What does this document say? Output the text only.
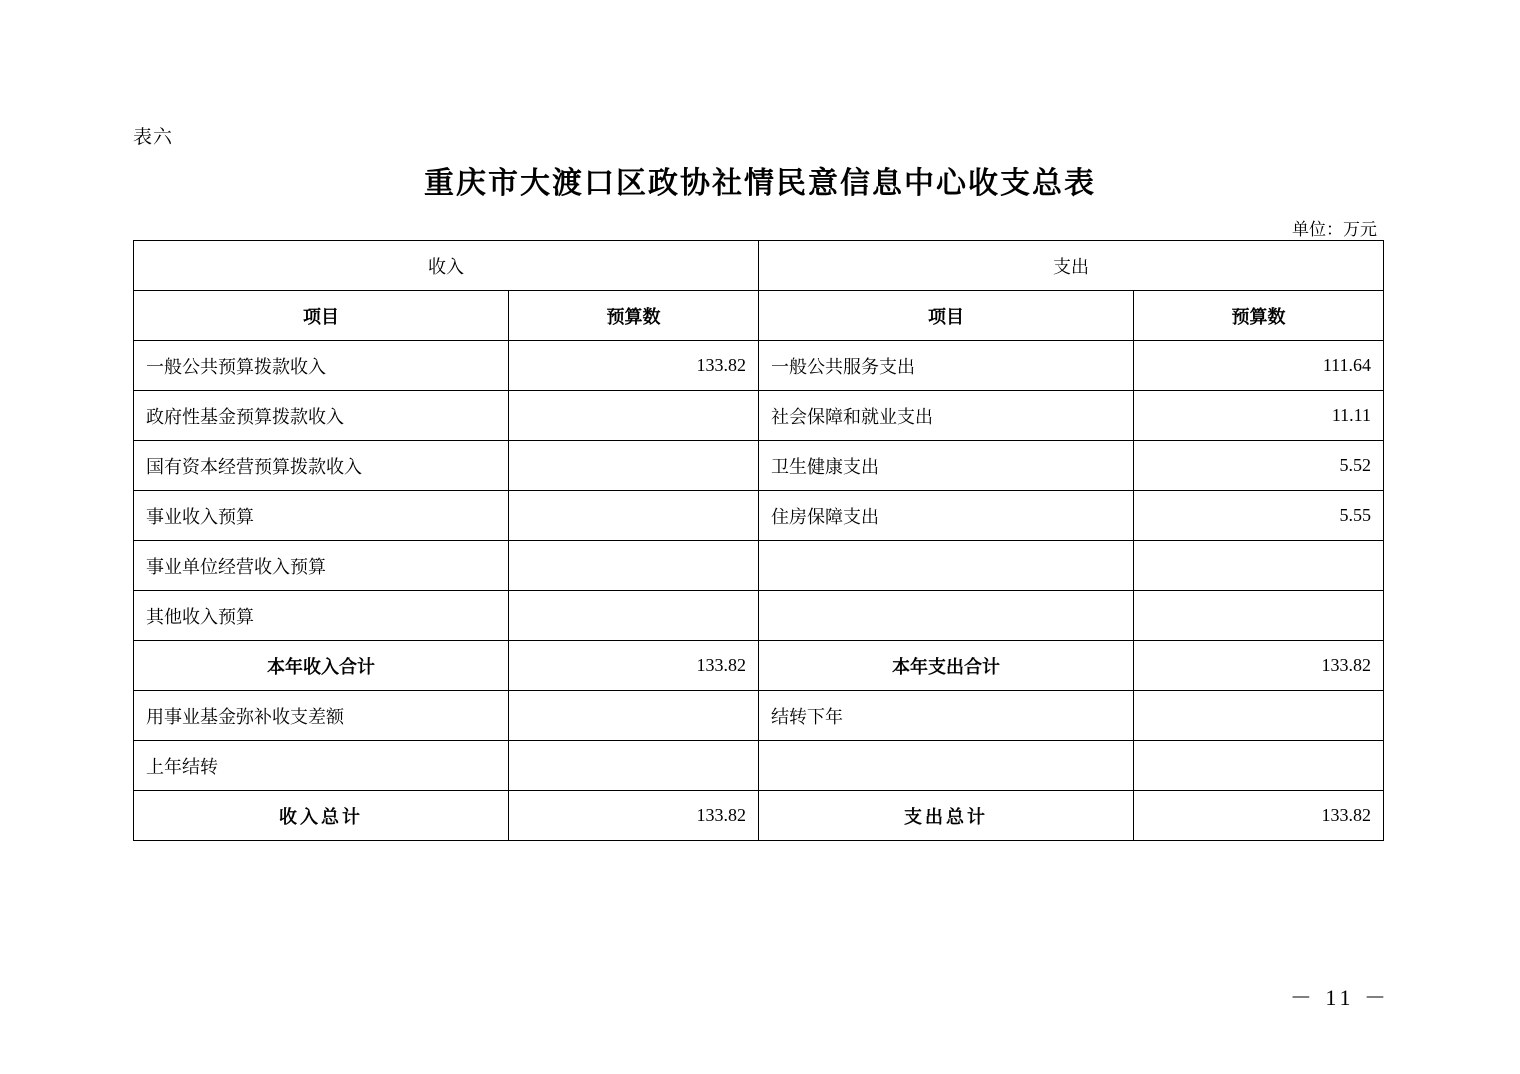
表六
重庆市大渡口区政协社情民意信息中心收支总表
单位：万元
收入		支出	
项目	预算数	项目	预算数
一般公共预算拨款收入	133.82	一般公共服务支出	111.64
政府性基金预算拨款收入		社会保障和就业支出	11.11
国有资本经营预算拨款收入		卫生健康支出	5.52
事业收入预算		住房保障支出	5.55
事业单位经营收入预算			
其他收入预算			
本年收入合计	133.82	本年支出合计	133.82
用事业基金弥补收支差额		结转下年	
上年结转			
收入总计	133.82	支出总计	133.82
－ 11 －
